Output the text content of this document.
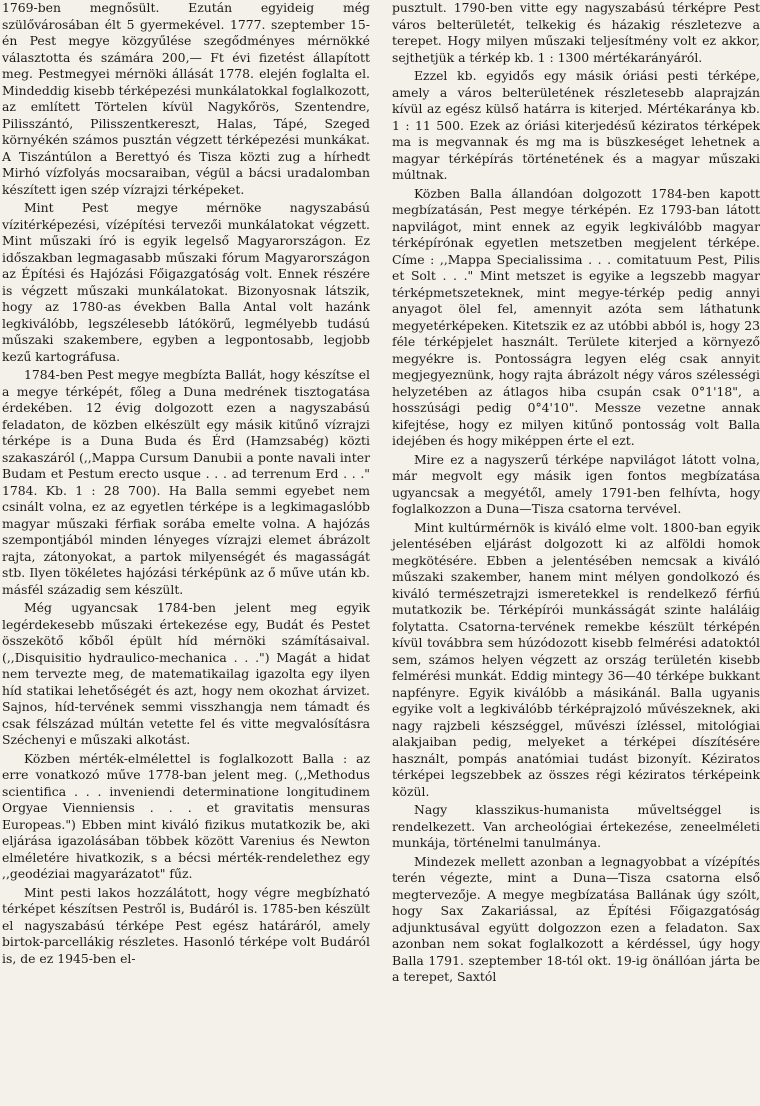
1769-ben megnősült. Ezután egyideig még szülővárosában élt 5 gyermekével. 1777. szeptember 15-én Pest megye közgyűlése szegődményes mérnökké választotta és számára 200,— Ft évi fizetést állapított meg. Pestmegyei mérnöki állását 1778. elején foglalta el. Mindeddig kisebb térképezési munkálatokkal foglalkozott, az említett Törtelen kívül Nagykőrös, Szentendre, Pilisszántó, Pilisszentkereszt, Halas, Tápé, Szeged környékén számos pusztán végzett térképezési munkákat. A Tiszántúlon a Berettyó és Tisza közti zug a hírhedt Mirhó vízfolyás mocsaraiban, végül a bácsi uradalomban készített igen szép vízrajzi térképeket.

Mint Pest megye mérnöke nagyszabású vízitérképezési, vízépítési tervezői munkálatokat végzett. Mint műszaki író is egyik legelső Magyarországon. Ez időszakban legmagasabb műszaki fórum Magyarországon az Építési és Hajózási Főigazgatóság volt. Ennek részére is végzett műszaki munkálatokat. Bizonyosnak látszik, hogy az 1780-as években Balla Antal volt hazánk legkiválóbb, legszélesebb látókörű, legmélyebb tudású műszaki szakembere, egyben a legpontosabb, legjobb kezű kartográfusa.

1784-ben Pest megye megbízta Ballát, hogy készítse el a megye térképét, főleg a Duna medrének tisztogatása érdekében. 12 évig dolgozott ezen a nagyszabású feladaton, de közben elkészült egy másik kitűnő vízrajzi térképe is a Duna Buda és Érd (Hamzsabég) közti szakaszáról (,,Mappa Cursum Danubii a ponte navali inter Budam et Pestum erecto usque . . . ad terrenum Erd . . ." 1784. Kb. 1 : 28 700). Ha Balla semmi egyebet nem csinált volna, ez az egyetlen térképe is a legkimagaslóbb magyar műszaki férfiak sorába emelte volna. A hajózás szempontjából minden lényeges vízrajzi elemet ábrázolt rajta, zátonyokat, a partok milyenségét és magasságát stb. Ilyen tökéletes hajózási térképünk az ő műve után kb. másfél századig sem készült.

Még ugyancsak 1784-ben jelent meg egyik legérdekesebb műszaki értekezése egy, Budát és Pestet összekötő kőből épült híd mérnöki számításaival. (,,Disquisitio hydraulico-mechanica . . .") Magát a hidat nem tervezte meg, de matematikailag igazolta egy ilyen híd statikai lehetőségét és azt, hogy nem okozhat árvizet. Sajnos, híd-tervének semmi visszhangja nem támadt és csak félszázad múltán vetette fel és vitte megvalósításra Széchenyi e műszaki alkotást.

Közben mérték-elmélettel is foglalkozott Balla : az erre vonatkozó műve 1778-ban jelent meg. (,,Methodus scientifica . . . inveniendi determinatione longitudinem Orgyae Vienniensis . . . et gravitatis mensuras Europeas.") Ebben mint kiváló fizikus mutatkozik be, aki eljárása igazolásában többek között Varenius és Newton elméletére hivatkozik, s a bécsi mérték-rendelethez egy ,,geodéziai magyarázatot" fűz.

Mint pesti lakos hozzálátott, hogy végre megbízható térképet készítsen Pestről is, Budáról is. 1785-ben készült el nagyszabású térképe Pest egész határáról, amely birtok-parcellákig részletes. Hasonló térképe volt Budáról is, de ez 1945-ben el-

pusztult. 1790-ben vitte egy nagyszabású térképre Pest város belterületét, telkekig és házakig részletezve a terepet. Hogy milyen műszaki teljesítmény volt ez akkor, sejthetjük a térkép kb. 1 : 1300 mértékarányáról.

Ezzel kb. egyidős egy másik óriási pesti térképe, amely a város belterületének részletesebb alaprajzán kívül az egész külső határra is kiterjed. Mértékaránya kb. 1 : 11 500. Ezek az óriási kiterjedésű kéziratos térképek ma is megvannak és mg ma is büszkeséget lehetnek a magyar térképírás történetének és a magyar műszaki múltnak.

Közben Balla állandóan dolgozott 1784-ben kapott megbízatásán, Pest megye térképén. Ez 1793-ban látott napvilágot, mint ennek az egyik legkiválóbb magyar térképírónak egyetlen metszetben megjelent térképe. Címe : ,,Mappa Specialissima . . . comitatuum Pest, Pilis et Solt . . ." Mint metszet is egyike a legszebb magyar térképmetszeteknek, mint megye-térkép pedig annyi anyagot ölel fel, amennyit azóta sem láthatunk megyetérképeken. Kitetszik ez az utóbbi abból is, hogy 23 féle térképjelet használt. Területe kiterjed a környező megyékre is. Pontosságra legyen elég csak annyit megjegyeznünk, hogy rajta ábrázolt négy város szélességi helyzetében az átlagos hiba csupán csak 0°1'18", a hosszúsági pedig 0°4'10". Messze vezetne annak kifejtése, hogy ez milyen kitűnő pontosság volt Balla idejében és hogy miképpen érte el ezt.

Mire ez a nagyszerű térképe napvilágot látott volna, már megvolt egy másik igen fontos megbízatása ugyancsak a megyétől, amely 1791-ben felhívta, hogy foglalkozzon a Duna—Tisza csatorna tervével.

Mint kultúrmérnök is kiváló elme volt. 1800-ban egyik jelentésében eljárást dolgozott ki az alföldi homok megkötésére. Ebben a jelentésében nemcsak a kiváló műszaki szakember, hanem mint mélyen gondolkozó és kiváló természetrajzi ismeretekkel is rendelkező férfiú mutatkozik be. Térképírói munkásságát szinte haláláig folytatta. Csatorna-tervének remekbe készült térképén kívül továbbra sem húzódozott kisebb felmérési adatoktól sem, számos helyen végzett az ország területén kisebb felmérési munkát. Eddig mintegy 36—40 térképe bukkant napfényre. Egyik kiválóbb a másikánál. Balla ugyanis egyike volt a legkiválóbb térképrajzoló művészeknek, aki nagy rajzbeli készséggel, művészi ízléssel, mitológiai alakjaiban pedig, melyeket a térképei díszítésére használt, pompás anatómiai tudást bizonyít. Kéziratos térképei legszebbek az összes régi kéziratos térképeink közül.

Nagy klasszikus-humanista műveltséggel is rendelkezett. Van archeológiai értekezése, zeneelméleti munkája, történelmi tanulmánya.

Mindezek mellett azonban a legnagyobbat a vízépítés terén végezte, mint a Duna—Tisza csatorna első megtervezője. A megye megbízatása Ballának úgy szólt, hogy Sax Zakariással, az Építési Főigazgatóság adjunktusával együtt dolgozzon ezen a feladaton. Sax azonban nem sokat foglalkozott a kérdéssel, úgy hogy Balla 1791. szeptember 18-tól okt. 19-ig önállóan járta be a terepet, Saxtól
